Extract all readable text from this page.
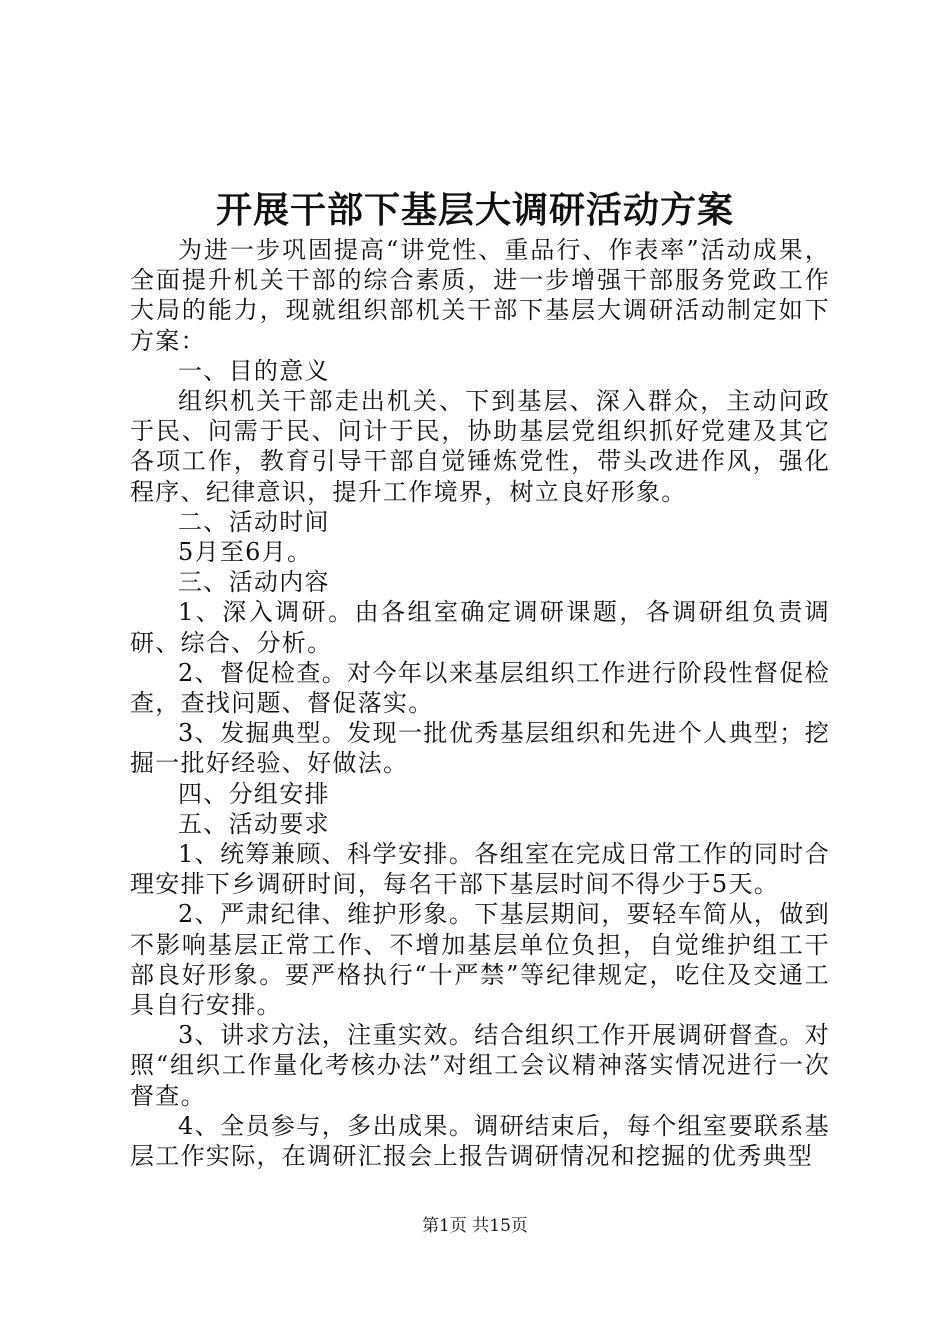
开展干部下基层大调研活动方案

为进一步巩固提高“讲党性、重品行、作表率”活动成果，全面提升机关干部的综合素质，进一步增强干部服务党政工作大局的能力，现就组织部机关干部下基层大调研活动制定如下方案：

一、目的意义

组织机关干部走出机关、下到基层、深入群众，主动问政于民、问需于民、问计于民，协助基层党组织抓好党建及其它各项工作，教育引导干部自觉锤炼党性，带头改进作风，强化程序、纪律意识，提升工作境界，树立良好形象。

二、活动时间

5月至6月。

三、活动内容

1、深入调研。由各组室确定调研课题，各调研组负责调研、综合、分析。

2、督促检查。对今年以来基层组织工作进行阶段性督促检查，查找问题、督促落实。

3、发掘典型。发现一批优秀基层组织和先进个人典型；挖掘一批好经验、好做法。

四、分组安排

五、活动要求

1、统筹兼顾、科学安排。各组室在完成日常工作的同时合理安排下乡调研时间，每名干部下基层时间不得少于5天。

2、严肃纪律、维护形象。下基层期间，要轻车简从，做到不影响基层正常工作、不增加基层单位负担，自觉维护组工干部良好形象。要严格执行“十严禁”等纪律规定，吃住及交通工具自行安排。

3、讲求方法，注重实效。结合组织工作开展调研督查。对照“组织工作量化考核办法”对组工会议精神落实情况进行一次督查。

4、全员参与，多出成果。调研结束后，每个组室要联系基层工作实际，在调研汇报会上报告调研情况和挖掘的优秀典型

第1页 共15页
